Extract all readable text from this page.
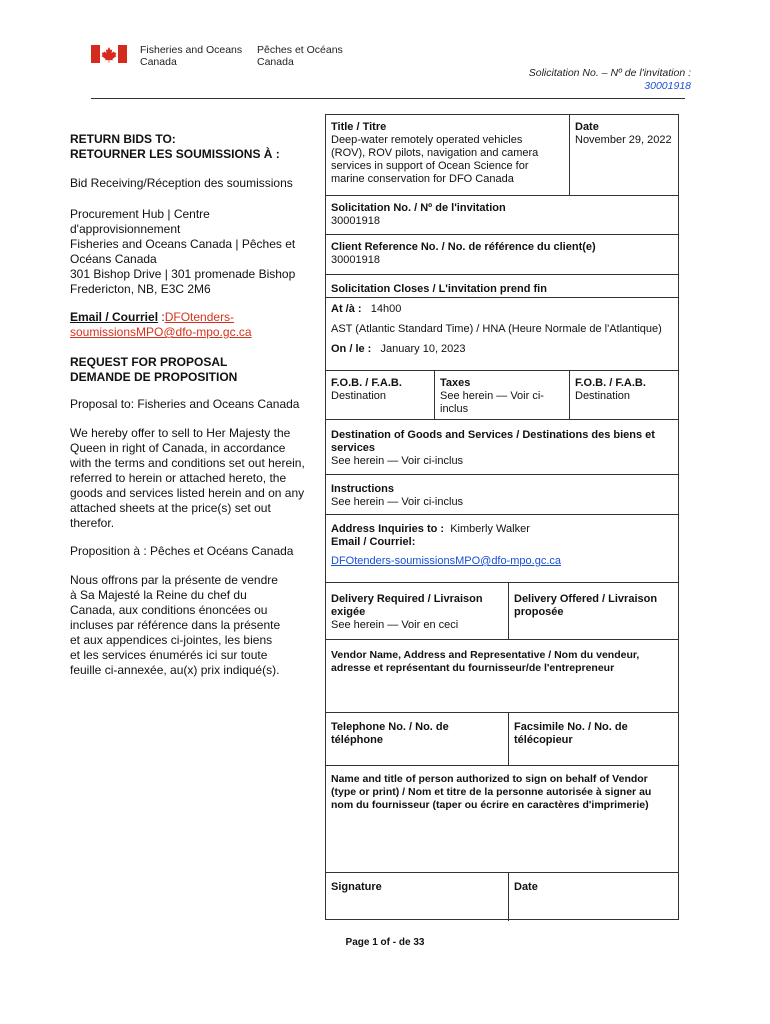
Fisheries and Oceans
Canada
Pêches et Océans
Canada
Solicitation No. – Nº de l'invitation :
30001918

RETURN BIDS TO:

RETOURNER LES SOUMISSIONS À :

Bid Receiving/Réception des soumissions

Procurement Hub | Centre

d'approvisionnement

Fisheries and Oceans Canada | Pêches et

Océans Canada

301 Bishop Drive | 301 promenade Bishop

Fredericton, NB, E3C 2M6

Email / Courriel :DFOtenders-

soumissionsMPO@dfo-mpo.gc.ca

REQUEST FOR PROPOSAL

DEMANDE DE PROPOSITION

Proposal to: Fisheries and Oceans Canada

We hereby offer to sell to Her Majesty the

Queen in right of Canada, in accordance

with the terms and conditions set out herein,

referred to herein or attached hereto, the

goods and services listed herein and on any

attached sheets at the price(s) set out

therefor.

Proposition à : Pêches et Océans Canada

Nous offrons par la présente de vendre

à Sa Majesté la Reine du chef du

Canada, aux conditions énoncées ou

incluses par référence dans la présente

et aux appendices ci-jointes, les biens

et les services énumérés ici sur toute

feuille ci-annexée, au(x) prix indiqué(s).

Title / Titre
Deep-water remotely operated vehicles
(ROV), ROV pilots, navigation and camera
services in support of Ocean Science for
marine conservation for DFO Canada
Date
November 29, 2022
Solicitation No. / Nº de l'invitation
30001918
Client Reference No. / No. de référence du client(e)
30001918
Solicitation Closes / L'invitation prend fin
At /à : 14h00
AST (Atlantic Standard Time) / HNA (Heure Normale de l'Atlantique)
On / le : January 10, 2023
F.O.B. / F.A.B.
Destination
Taxes
See herein — Voir ci-
inclus
F.O.B. / F.A.B.
Destination
Destination of Goods and Services / Destinations des biens et
services
See herein — Voir ci-inclus
Instructions
See herein — Voir ci-inclus
Address Inquiries to : Kimberly Walker
Email / Courriel:
DFOtenders-soumissionsMPO@dfo-mpo.gc.ca
Delivery Required / Livraison
exigée
See herein — Voir en ceci
Delivery Offered / Livraison
proposée
Vendor Name, Address and Representative / Nom du vendeur,
adresse et représentant du fournisseur/de l'entrepreneur
Telephone No. / No. de
téléphone
Facsimile No. / No. de télécopieur
Name and title of person authorized to sign on behalf of Vendor
(type or print) / Nom et titre de la personne autorisée à signer au
nom du fournisseur (taper ou écrire en caractères d'imprimerie)
Signature	Date
Page 1 of - de 33
